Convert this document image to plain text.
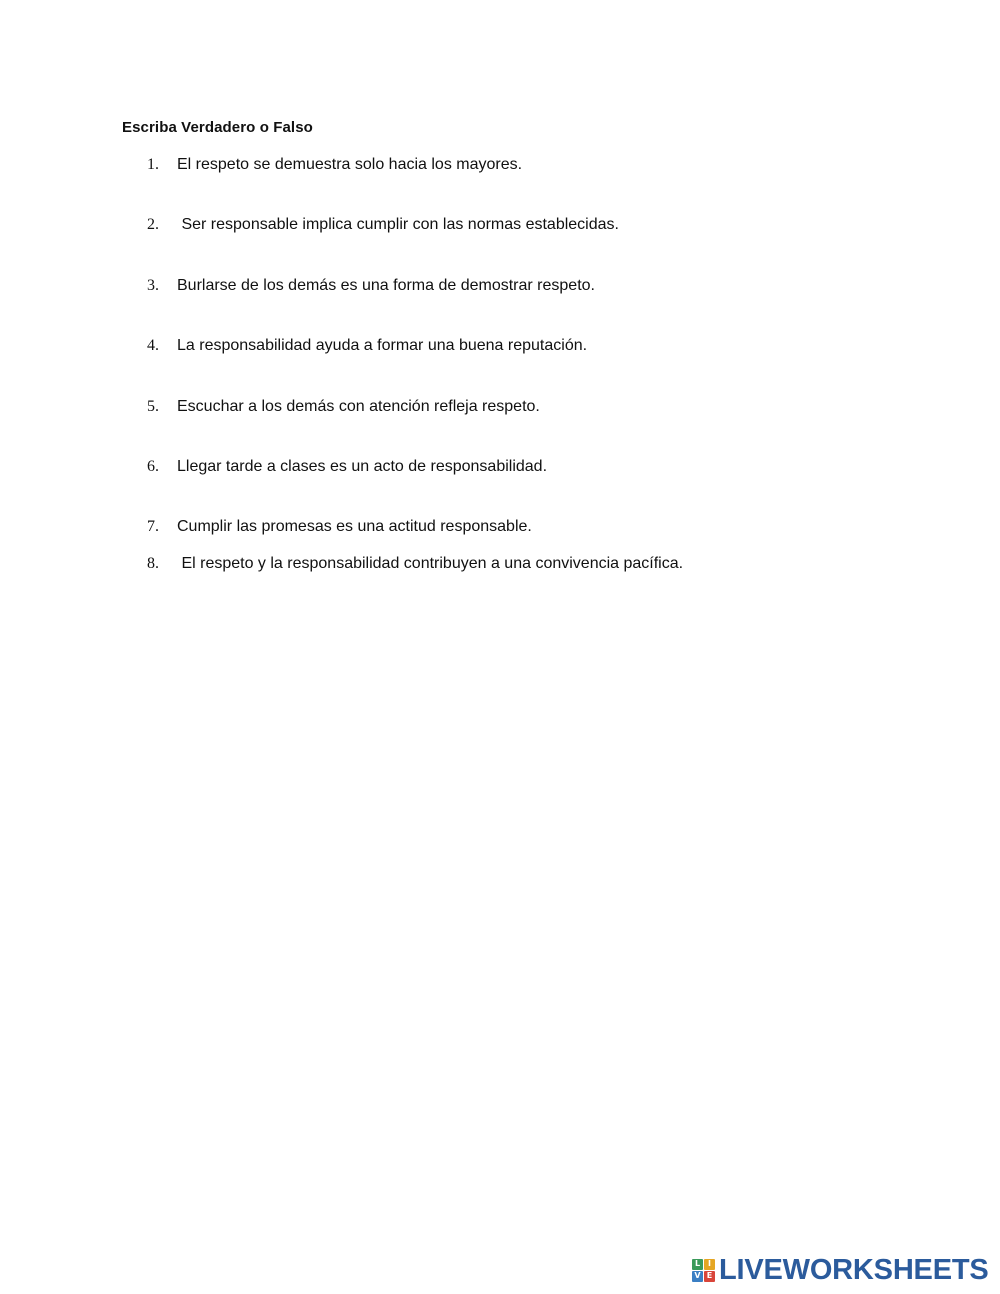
Escriba Verdadero o Falso
1.	El respeto se demuestra solo hacia los mayores.
2.	Ser responsable implica cumplir con las normas establecidas.
3.	Burlarse de los demás es una forma de demostrar respeto.
4.	La responsabilidad ayuda a formar una buena reputación.
5.	Escuchar a los demás con atención refleja respeto.
6.	Llegar tarde a clases es un acto de responsabilidad.
7.	Cumplir las promesas es una actitud responsable.
8.	El respeto y la responsabilidad contribuyen a una convivencia pacífica.
L I
V E LIVEWORKSHEETS
